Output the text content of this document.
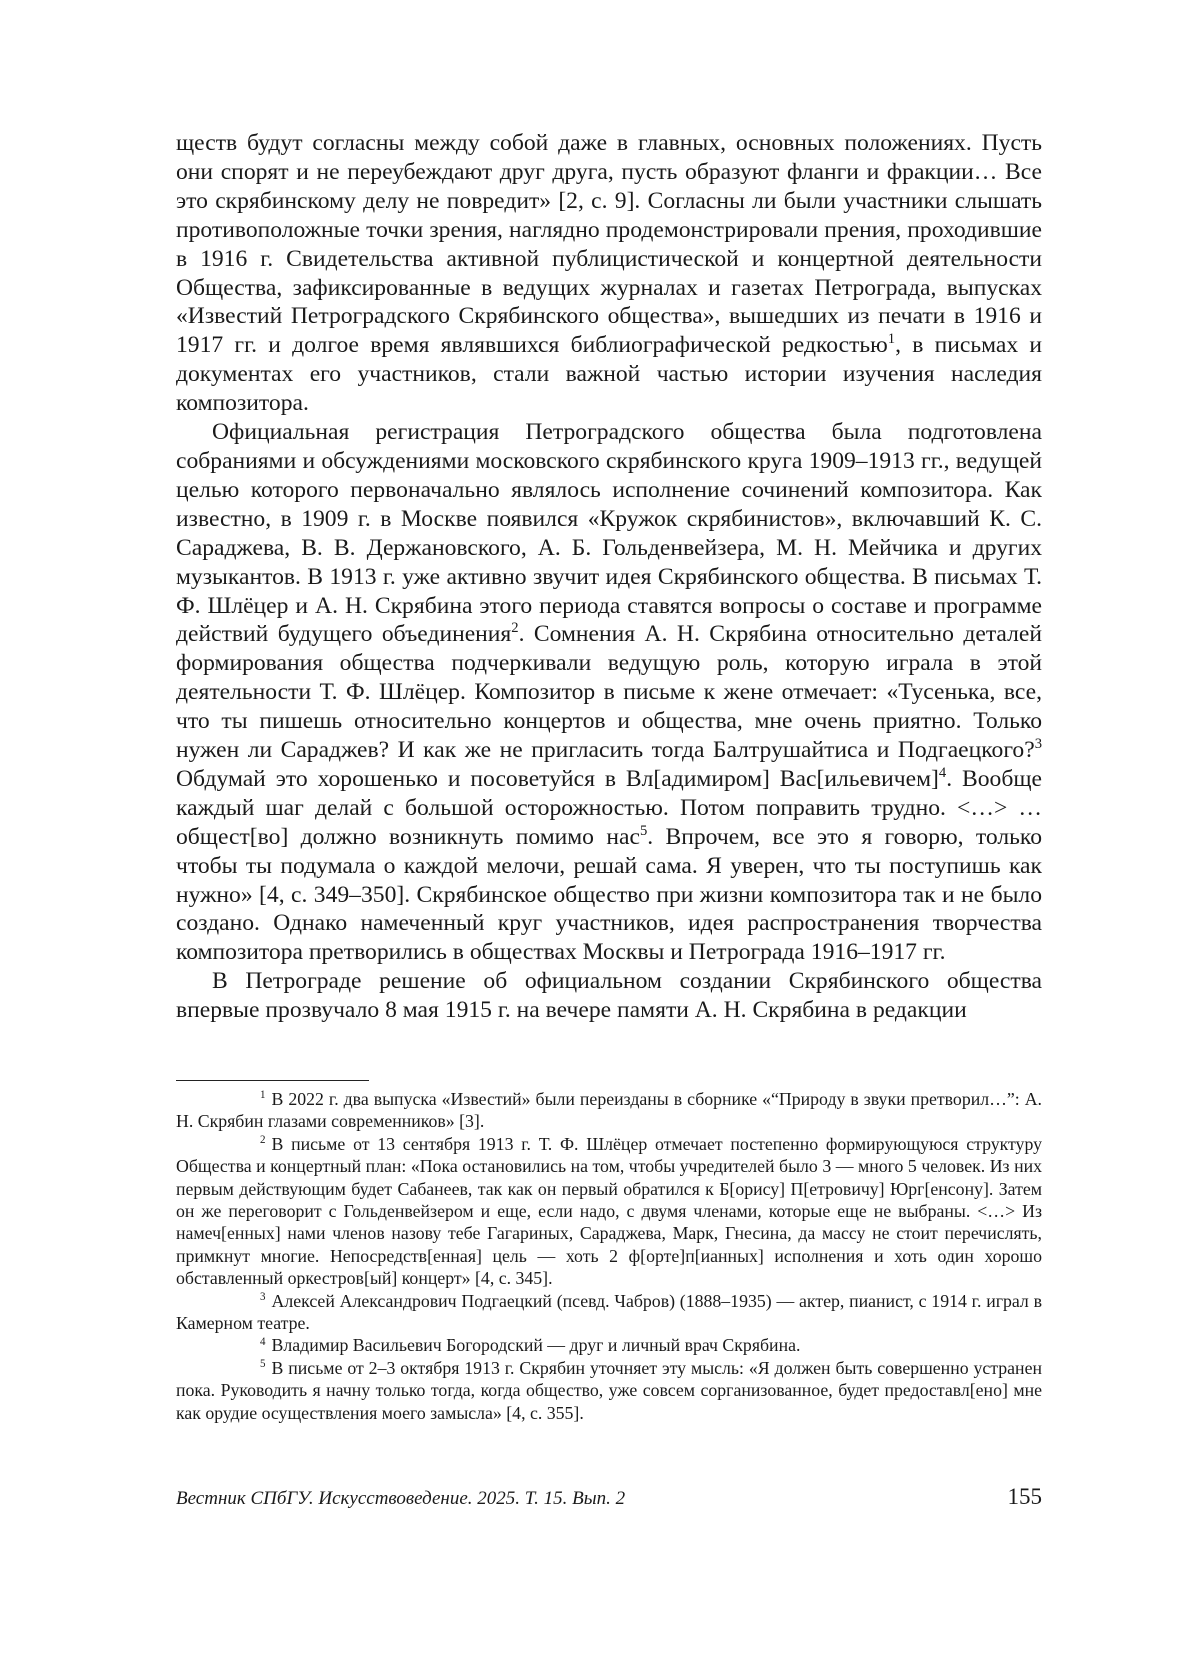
ществ будут согласны между собой даже в главных, основных положениях. Пусть они спорят и не переубеждают друг друга, пусть образуют фланги и фракции… Все это скрябинскому делу не повредит» [2, с. 9]. Согласны ли были участники слышать противоположные точки зрения, наглядно продемонстрировали прения, проходившие в 1916 г. Свидетельства активной публицистической и концертной деятельности Общества, зафиксированные в ведущих журналах и газетах Петрограда, выпусках «Известий Петроградского Скрябинского общества», вышедших из печати в 1916 и 1917 гг. и долгое время являвшихся библиографической редкостью$^1$, в письмах и документах его участников, стали важной частью истории изучения наследия композитора.

Официальная регистрация Петроградского общества была подготовлена собраниями и обсуждениями московского скрябинского круга 1909–1913 гг., ведущей целью которого первоначально являлось исполнение сочинений композитора. Как известно, в 1909 г. в Москве появился «Кружок скрябинистов», включавший К. С. Сараджева, В. В. Держановского, А. Б. Гольденвейзера, М. Н. Мейчика и других музыкантов. В 1913 г. уже активно звучит идея Скрябинского общества. В письмах Т. Ф. Шлёцер и А. Н. Скрябина этого периода ставятся вопросы о составе и программе действий будущего объединения$^2$. Сомнения А. Н. Скрябина относительно деталей формирования общества подчеркивали ведущую роль, которую играла в этой деятельности Т. Ф. Шлёцер. Композитор в письме к жене отмечает: «Тусенька, все, что ты пишешь относительно концертов и общества, мне очень приятно. Только нужен ли Сараджев? И как же не пригласить тогда Балтрушайтиса и Подгаецкого?$^3$ Обдумай это хорошенько и посоветуйся в Вл[адимиром] Вас[ильевичем]$^4$. Вообще каждый шаг делай с большой осторожностью. Потом поправить трудно. <…> …общест[во] должно возникнуть помимо нас$^5$. Впрочем, все это я говорю, только чтобы ты подумала о каждой мелочи, решай сама. Я уверен, что ты поступишь как нужно» [4, с. 349–350]. Скрябинское общество при жизни композитора так и не было создано. Однако намеченный круг участников, идея распространения творчества композитора претворились в обществах Москвы и Петрограда 1916–1917 гг.

В Петрограде решение об официальном создании Скрябинского общества впервые прозвучало 8 мая 1915 г. на вечере памяти А. Н. Скрябина в редакции

1 В 2022 г. два выпуска «Известий» были переизданы в сборнике «“Природу в звуки претворил…”: А. Н. Скрябин глазами современников» [3].

2 В письме от 13 сентября 1913 г. Т. Ф. Шлёцер отмечает постепенно формирующуюся структуру Общества и концертный план: «Пока остановились на том, чтобы учредителей было 3 — много 5 человек. Из них первым действующим будет Сабанеев, так как он первый обратился к Б[орису] П[етровичу] Юрг[енсону]. Затем он же переговорит с Гольденвейзером и еще, если надо, с двумя членами, которые еще не выбраны. <…> Из намеч[енных] нами членов назову тебе Гагариных, Сараджева, Марк, Гнесина, да массу не стоит перечислять, примкнут многие. Непосредств[енная] цель — хоть 2 ф[орте]п[ианных] исполнения и хоть один хорошо обставленный оркестров[ый] концерт» [4, с. 345].

3 Алексей Александрович Подгаецкий (псевд. Чабров) (1888–1935) — актер, пианист, с 1914 г. играл в Камерном театре.

4 Владимир Васильевич Богородский — друг и личный врач Скрябина.

5 В письме от 2–3 октября 1913 г. Скрябин уточняет эту мысль: «Я должен быть совершенно устранен пока. Руководить я начну только тогда, когда общество, уже совсем сорганизованное, будет предоставл[ено] мне как орудие осуществления моего замысла» [4, с. 355].

Вестник СПбГУ. Искусствоведение. 2025. Т. 15. Вып. 2	155
